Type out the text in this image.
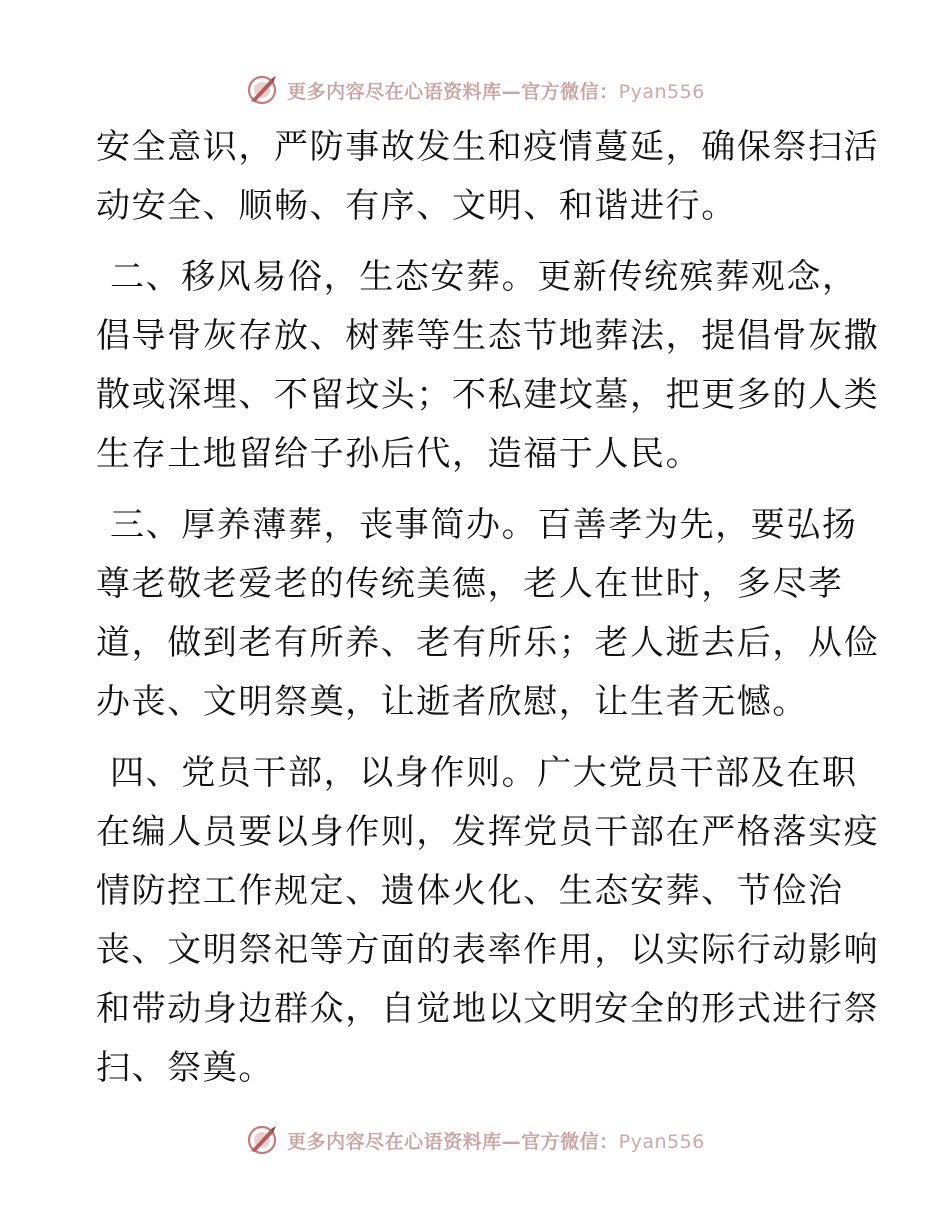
更多内容尽在心语资料库—官方微信：Pyan556

安全意识，严防事故发生和疫情蔓延，确保祭扫活
动安全、顺畅、有序、文明、和谐进行。

二、移风易俗，生态安葬。更新传统殡葬观念，
倡导骨灰存放、树葬等生态节地葬法，提倡骨灰撒
散或深埋、不留坟头；不私建坟墓，把更多的人类
生存土地留给子孙后代，造福于人民。

三、厚养薄葬，丧事简办。百善孝为先，要弘扬
尊老敬老爱老的传统美德，老人在世时，多尽孝
道，做到老有所养、老有所乐；老人逝去后，从俭
办丧、文明祭奠，让逝者欣慰，让生者无憾。

四、党员干部，以身作则。广大党员干部及在职
在编人员要以身作则，发挥党员干部在严格落实疫
情防控工作规定、遗体火化、生态安葬、节俭治
丧、文明祭祀等方面的表率作用，以实际行动影响
和带动身边群众，自觉地以文明安全的形式进行祭
扫、祭奠。

更多内容尽在心语资料库—官方微信：Pyan556
